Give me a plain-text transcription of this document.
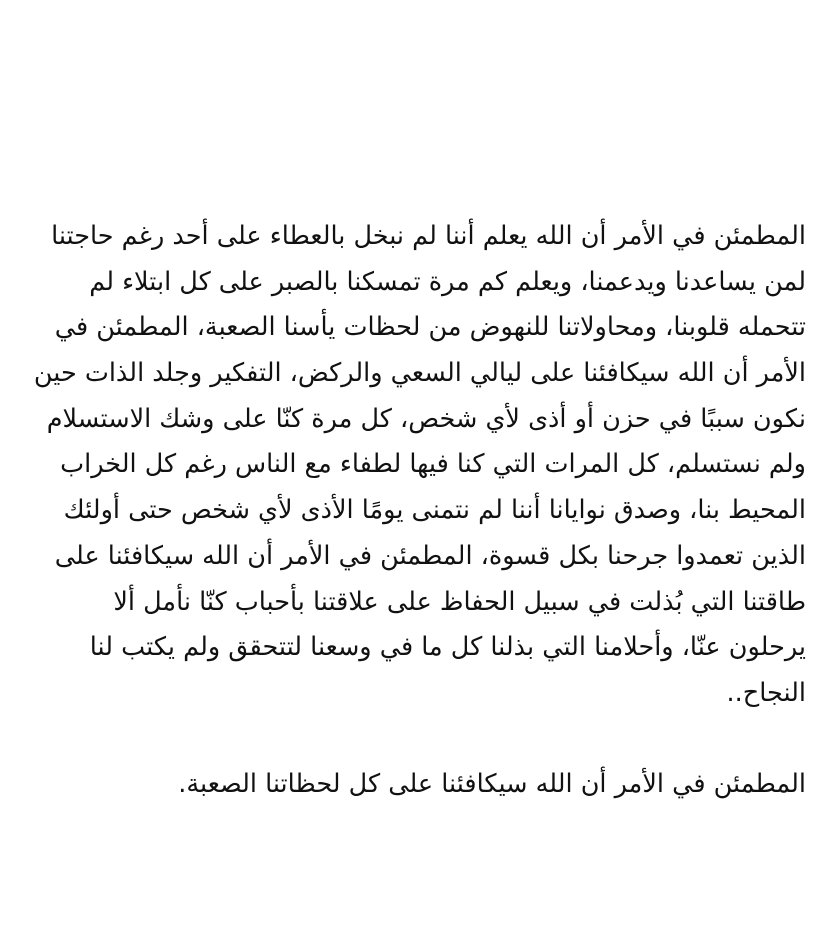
المطمئن في الأمر أن الله يعلم أننا لم نبخل بالعطاء على أحد رغم حاجتنا
لمن يساعدنا ويدعمنا، ويعلم كم مرة تمسكنا بالصبر على كل ابتلاء لم
تتحمله قلوبنا، ومحاولاتنا للنهوض من لحظات يأسنا الصعبة، المطمئن في
الأمر أن الله سيكافئنا على ليالي السعي والركض، التفكير وجلد الذات حين
نكون سببًا في حزن أو أذى لأي شخص، كل مرة كنّا على وشك الاستسلام
ولم نستسلم، كل المرات التي كنا فيها لطفاء مع الناس رغم كل الخراب
المحيط بنا، وصدق نوايانا أننا لم نتمنى يومًا الأذى لأي شخص حتى أولئك
الذين تعمدوا جرحنا بكل قسوة، المطمئن في الأمر أن الله سيكافئنا على
طاقتنا التي بُذلت في سبيل الحفاظ على علاقتنا بأحباب كنّا نأمل ألا
يرحلون عنّا، وأحلامنا التي بذلنا كل ما في وسعنا لتتحقق ولم يكتب لنا
النجاح..
المطمئن في الأمر أن الله سيكافئنا على كل لحظاتنا الصعبة.
